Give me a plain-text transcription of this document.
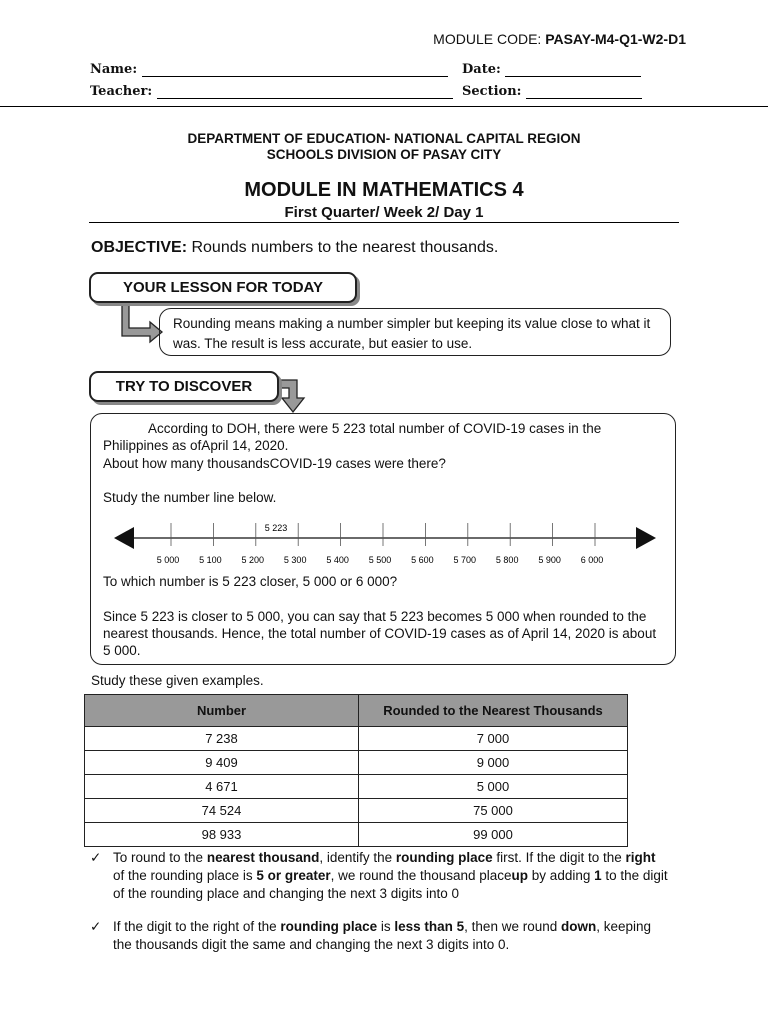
MODULE CODE: PASAY-M4-Q1-W2-D1
Name:	Date:
Teacher:	Section:
DEPARTMENT OF EDUCATION- NATIONAL CAPITAL REGION
SCHOOLS DIVISION OF PASAY CITY
MODULE IN MATHEMATICS 4
First Quarter/ Week 2/ Day 1
OBJECTIVE: Rounds numbers to the nearest thousands.
YOUR LESSON FOR TODAY
Rounding means making a number simpler but keeping its value close to what it was. The result is less accurate, but easier to use.
TRY TO DISCOVER
According to DOH, there were 5 223 total number of COVID-19 cases in the Philippines as ofApril 14, 2020.
About how many thousandsCOVID-19 cases were there?
Study the number line below.
5 223
5 000 5 100 5 200 5 300 5 400 5 500 5 600 5 700 5 800 5 900 6 000
To which number is 5 223 closer, 5 000 or 6 000?
Since 5 223 is closer to 5 000, you can say that 5 223 becomes 5 000 when rounded to the nearest thousands. Hence, the total number of COVID-19 cases as of April 14, 2020 is about 5 000.
Study these given examples.
Number	Rounded to the Nearest Thousands
7 238	7 000
9 409	9 000
4 671	5 000
74 524	75 000
98 933	99 000
✓ To round to the nearest thousand, identify the rounding place first. If the digit to the right of the rounding place is 5 or greater, we round the thousand placeup by adding 1 to the digit of the rounding place and changing the next 3 digits into 0
✓ If the digit to the right of the rounding place is less than 5, then we round down, keeping the thousands digit the same and changing the next 3 digits into 0.
